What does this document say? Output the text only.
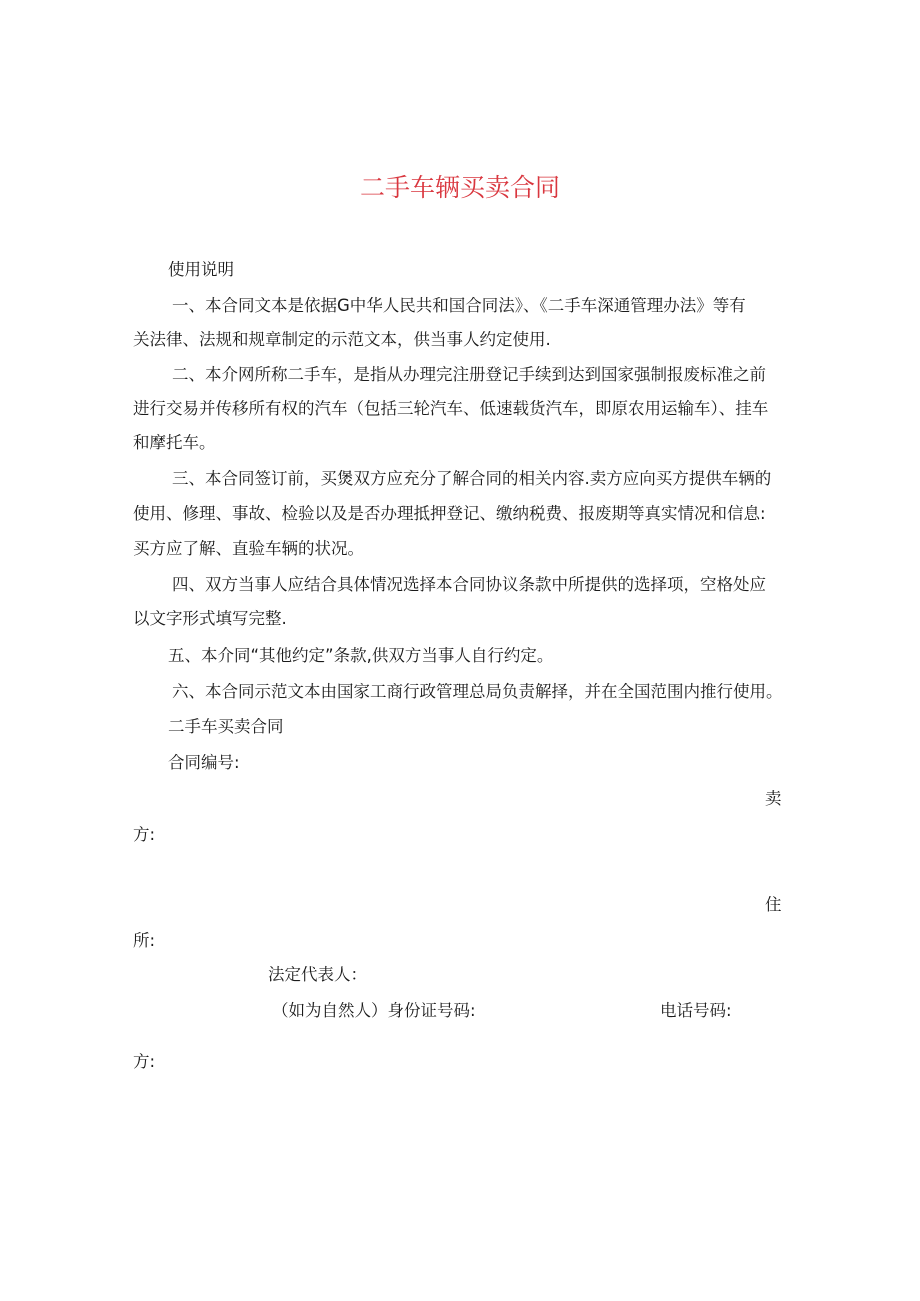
二手车辆买卖合同
使用说明
一、本合同文本是依据G中华人民共和国合同法》、《二手车深通管理办法》等有
关法律、法规和规章制定的示范文本，供当事人约定使用.
二、本介网所称二手车，是指从办理完注册登记手续到达到国家强制报废标准之前
进行交易并传移所有权的汽车（包括三轮汽车、低速载货汽车，即原农用运输车）、挂车
和摩托车。
三、本合同签订前，买煲双方应充分了解合同的相关内容.卖方应向买方提供车辆的
使用、修理、事故、检验以及是否办理抵押登记、缴纳税费、报废期等真实情况和信息:
买方应了解、直验车辆的状况。
四、双方当事人应结合具体情况选择本合同协议条款中所提供的选择项，空格处应
以文字形式填写完整.
五、本介同“其他约定”条款,供双方当事人自行约定。
六、本合同示范文本由国家工商行政管理总局负责解择，并在全国范围内推行使用。
二手车买卖合同
合同编号:
卖
方:
住
所:
法定代表人：
（如为自然人）身份证号码:	电话号码:
方:
